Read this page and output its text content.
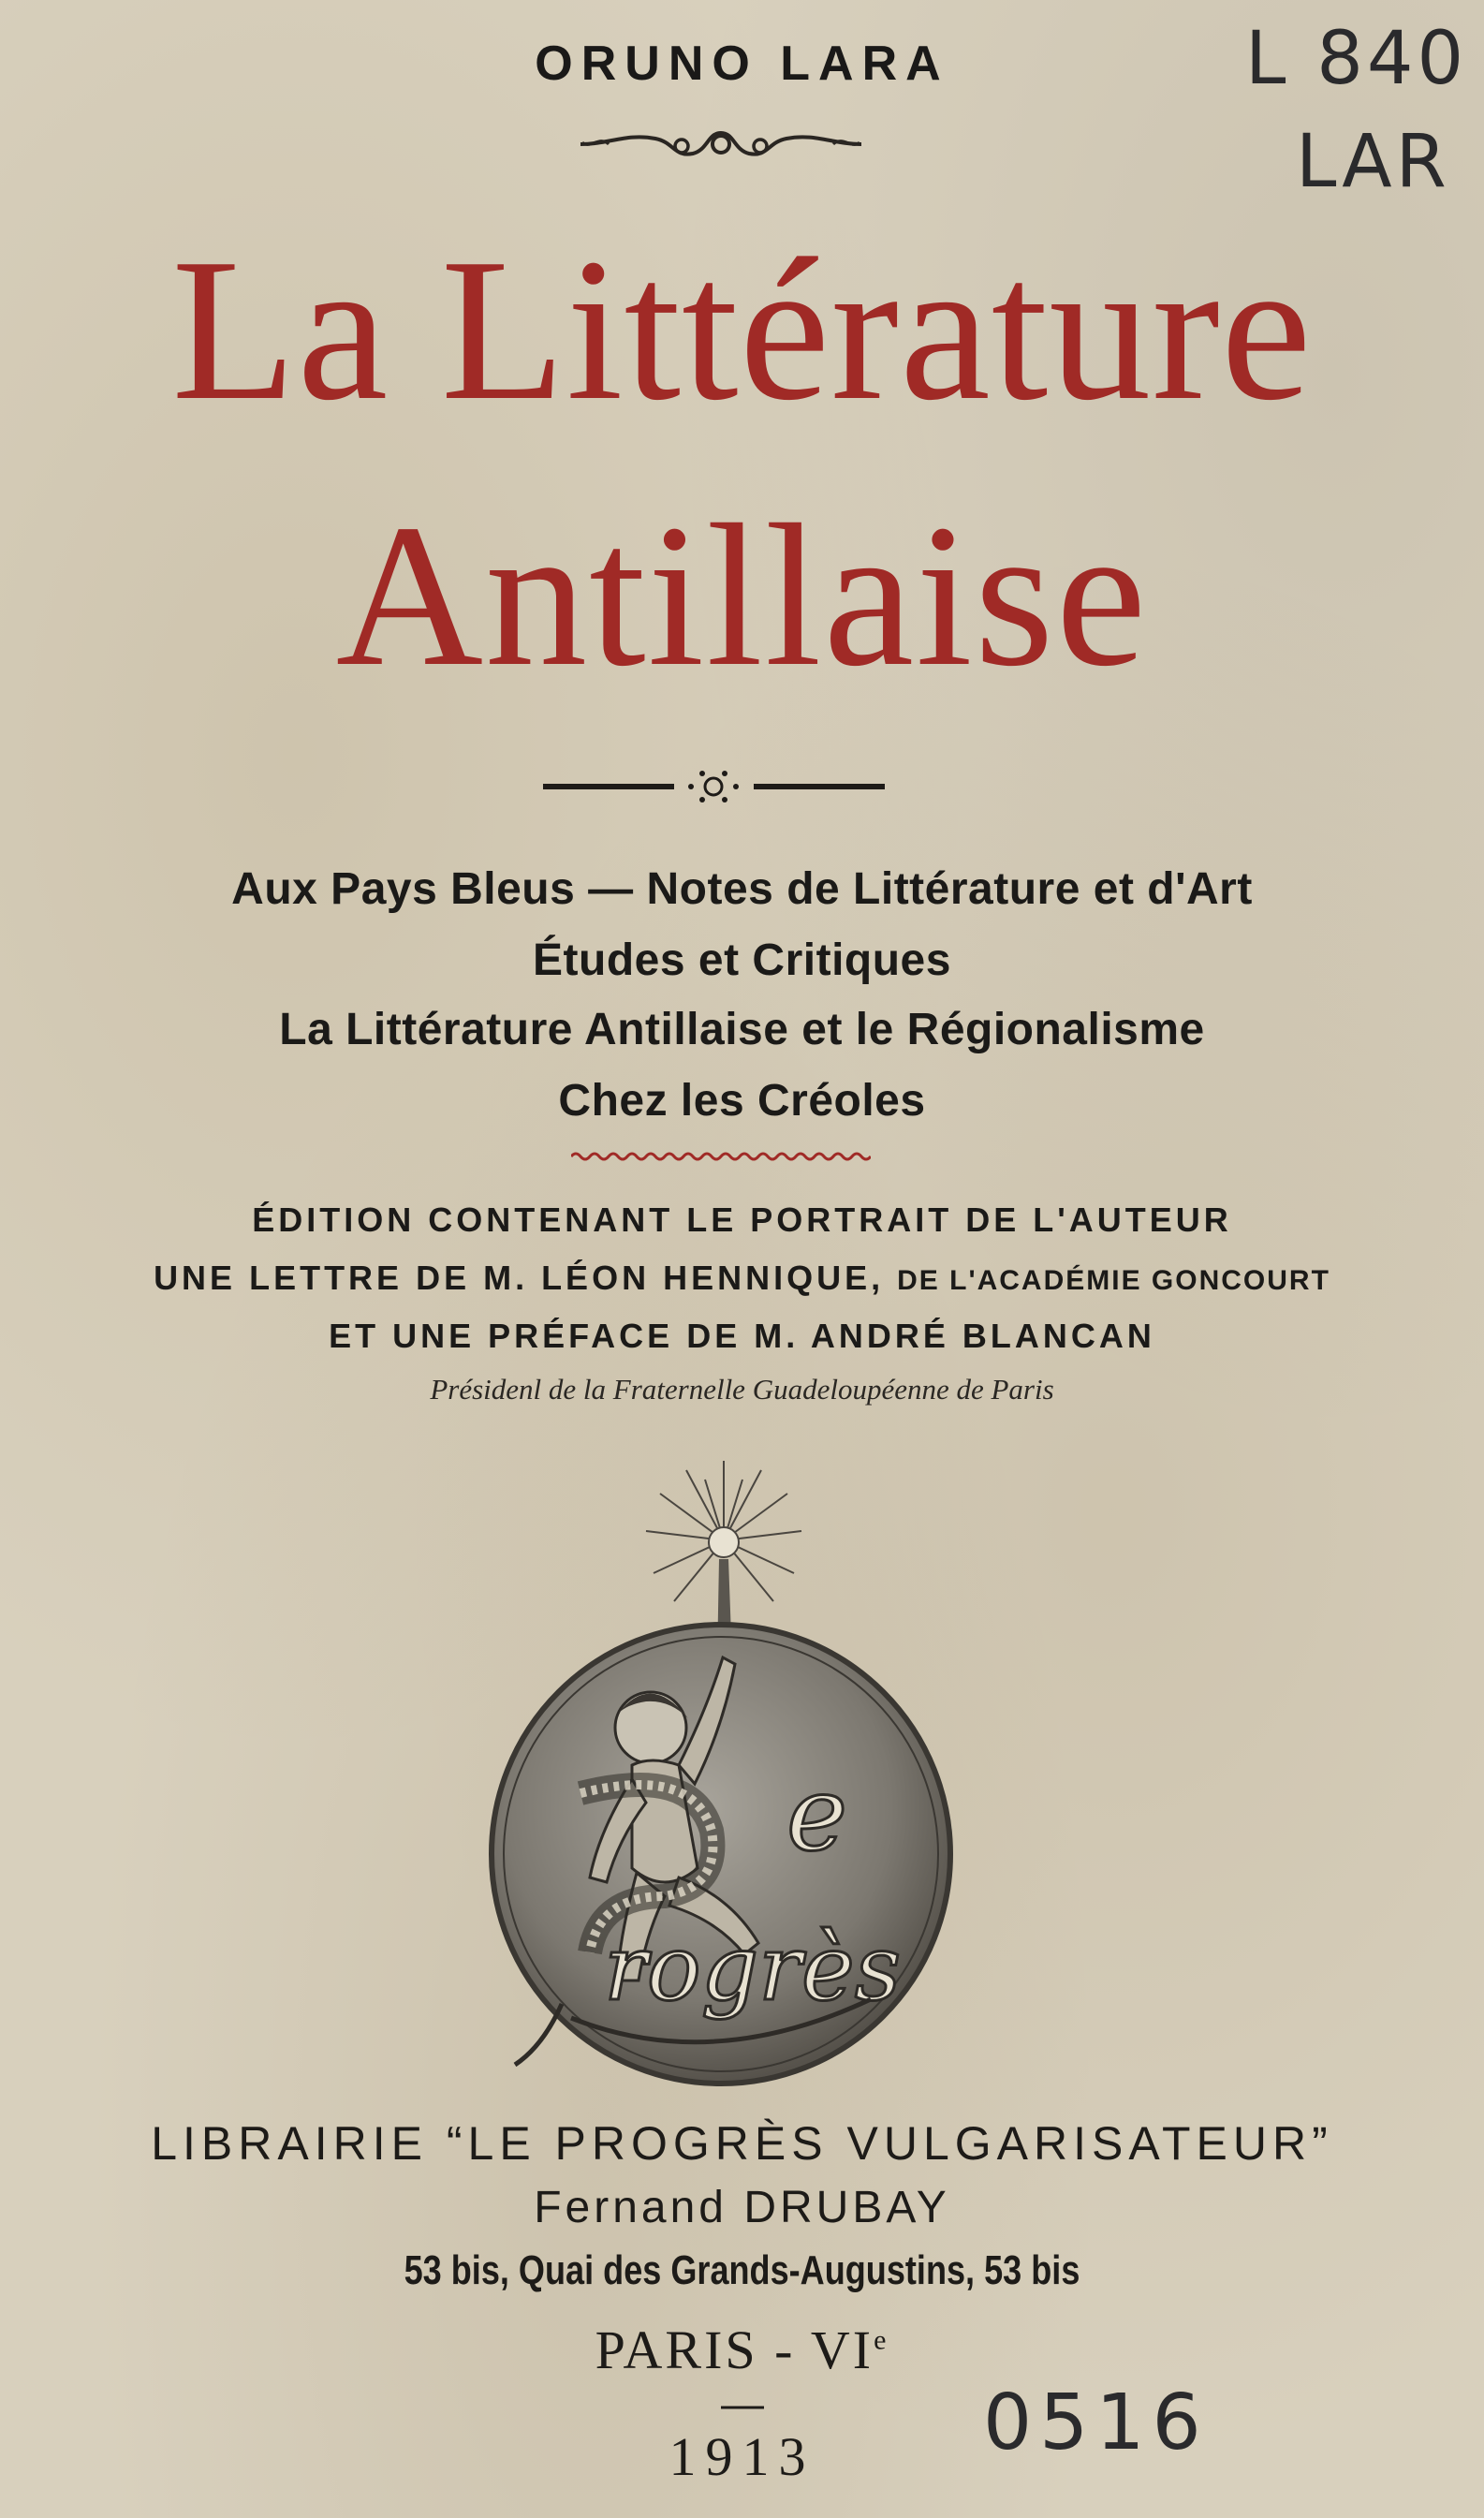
ORUNO LARA
La Littérature
Antillaise
Aux Pays Bleus — Notes de Littérature et d'Art
Études et Critiques
La Littérature Antillaise et le Régionalisme
Chez les Créoles
ÉDITION CONTENANT LE PORTRAIT DE L'AUTEUR
UNE LETTRE DE M. LÉON HENNIQUE, DE L'ACADÉMIE GONCOURT
ET UNE PRÉFACE DE M. ANDRÉ BLANCAN
Présidenl de la Fraternelle Guadeloupéenne de Paris
e
rogrès
LIBRAIRIE “LE PROGRÈS VULGARISATEUR”
Fernand DRUBAY
53 bis, Quai des Grands-Augustins, 53 bis
PARIS - VIe
1913
L 840
LAR
0516
